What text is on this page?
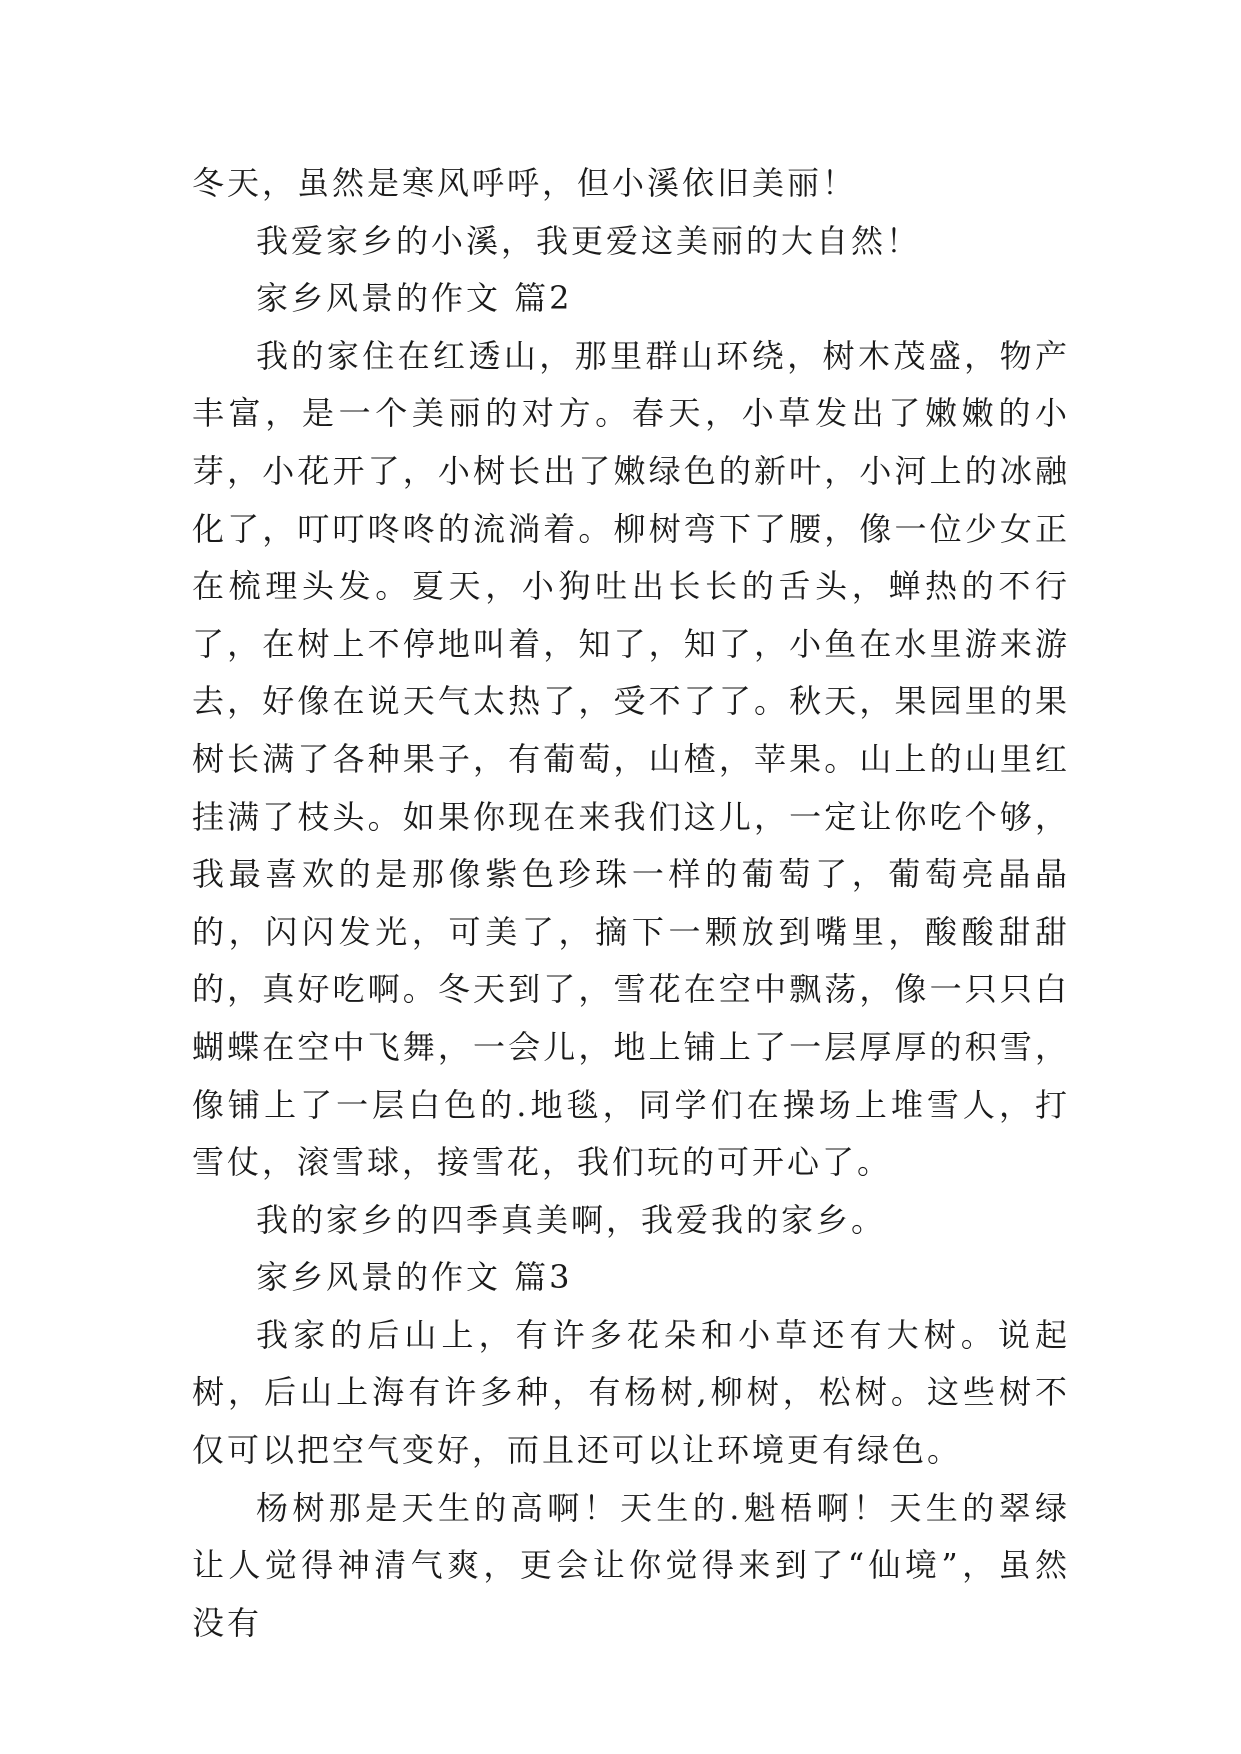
冬天，虽然是寒风呼呼，但小溪依旧美丽！

我爱家乡的小溪，我更爱这美丽的大自然！

家乡风景的作文 篇2

我的家住在红透山，那里群山环绕，树木茂盛，物产丰富，是一个美丽的对方。春天，小草发出了嫩嫩的小芽，小花开了，小树长出了嫩绿色的新叶，小河上的冰融化了，叮叮咚咚的流淌着。柳树弯下了腰，像一位少女正在梳理头发。夏天，小狗吐出长长的舌头，蝉热的不行了，在树上不停地叫着，知了，知了，小鱼在水里游来游去，好像在说天气太热了，受不了了。秋天，果园里的果树长满了各种果子，有葡萄，山楂，苹果。山上的山里红挂满了枝头。如果你现在来我们这儿，一定让你吃个够，我最喜欢的是那像紫色珍珠一样的葡萄了，葡萄亮晶晶的，闪闪发光，可美了，摘下一颗放到嘴里，酸酸甜甜的，真好吃啊。冬天到了，雪花在空中飘荡，像一只只白蝴蝶在空中飞舞，一会儿，地上铺上了一层厚厚的积雪，像铺上了一层白色的.地毯，同学们在操场上堆雪人，打雪仗，滚雪球，接雪花，我们玩的可开心了。

我的家乡的四季真美啊，我爱我的家乡。

家乡风景的作文 篇3

我家的后山上，有许多花朵和小草还有大树。说起树，后山上海有许多种，有杨树,柳树，松树。这些树不仅可以把空气变好，而且还可以让环境更有绿色。

杨树那是天生的高啊！天生的.魁梧啊！天生的翠绿让人觉得神清气爽，更会让你觉得来到了“仙境”，虽然没有
